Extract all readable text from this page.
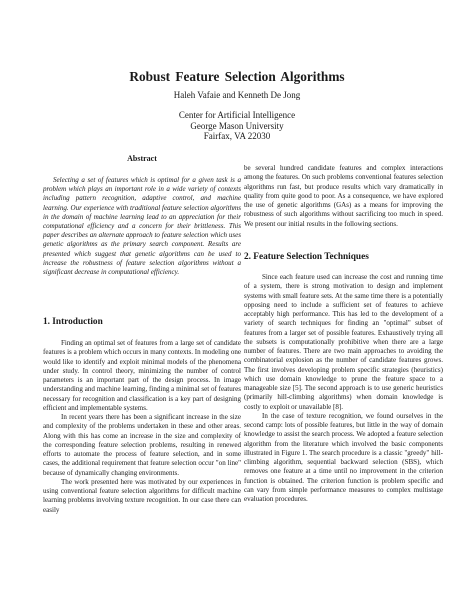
Robust Feature Selection Algorithms
Haleh Vafaie and Kenneth De Jong
Center for Artificial Intelligence
George Mason University
Fairfax, VA 22030
Abstract
Selecting a set of features which is optimal for a given task is a problem which plays an important role in a wide variety of contexts including pattern recognition, adaptive control, and machine learning. Our experience with traditional feature selection algorithms in the domain of machine learning lead to an appreciation for their computational efficiency and a concern for their brittleness. This paper describes an alternate approach to feature selection which uses genetic algorithms as the primary search component. Results are presented which suggest that genetic algorithms can be used to increase the robustness of feature selection algorithms without a significant decrease in computational efficiency.
1. Introduction

Finding an optimal set of features from a large set of candidate features is a problem which occurs in many contexts. In modeling one would like to identify and exploit minimal models of the phenomena under study. In control theory, minimizing the number of control parameters is an important part of the design process. In image understanding and machine learning, finding a minimal set of features necessary for recognition and classification is a key part of designing efficient and implementable systems.

In recent years there has been a significant increase in the size and complexity of the problems undertaken in these and other areas. Along with this has come an increase in the size and complexity of the corresponding feature selection problems, resulting in renewed efforts to automate the process of feature selection, and in some cases, the additional requirement that feature selection occur "on line" because of dynamically changing environments.

The work presented here was motivated by our experiences in using conventional feature selection algorithms for difficult machine learning problems involving texture recognition. In our case there can easily

be several hundred candidate features and complex interactions among the features. On such problems conventional features selection algorithms run fast, but produce results which vary dramatically in quality from quite good to poor. As a consequence, we have explored the use of genetic algorithms (GAs) as a means for improving the robustness of such algorithms without sacrificing too much in speed. We present our initial results in the following sections.

2. Feature Selection Techniques

Since each feature used can increase the cost and running time of a system, there is strong motivation to design and implement systems with small feature sets. At the same time there is a potentially opposing need to include a sufficient set of features to achieve acceptably high performance. This has led to the development of a variety of search techniques for finding an "optimal" subset of features from a larger set of possible features. Exhaustively trying all the subsets is computationally prohibitive when there are a large number of features. There are two main approaches to avoiding the combinatorial explosion as the number of candidate features grows. The first involves developing problem specific strategies (heuristics) which use domain knowledge to prune the feature space to a manageable size [5]. The second approach is to use generic heuristics (primarily hill-climbing algorithms) when domain knowledge is costly to exploit or unavailable [8].

In the case of texture recognition, we found ourselves in the second camp: lots of possible features, but little in the way of domain knowledge to assist the search process. We adopted a feature selection algorithm from the literature which involved the basic components illustrated in Figure 1. The search procedure is a classic "greedy" hill-climbing algorithm, sequential backward selection (SBS), which removes one feature at a time until no improvement in the criterion function is obtained. The criterion function is problem specific and can vary from simple performance measures to complex multistage evaluation procedures.
